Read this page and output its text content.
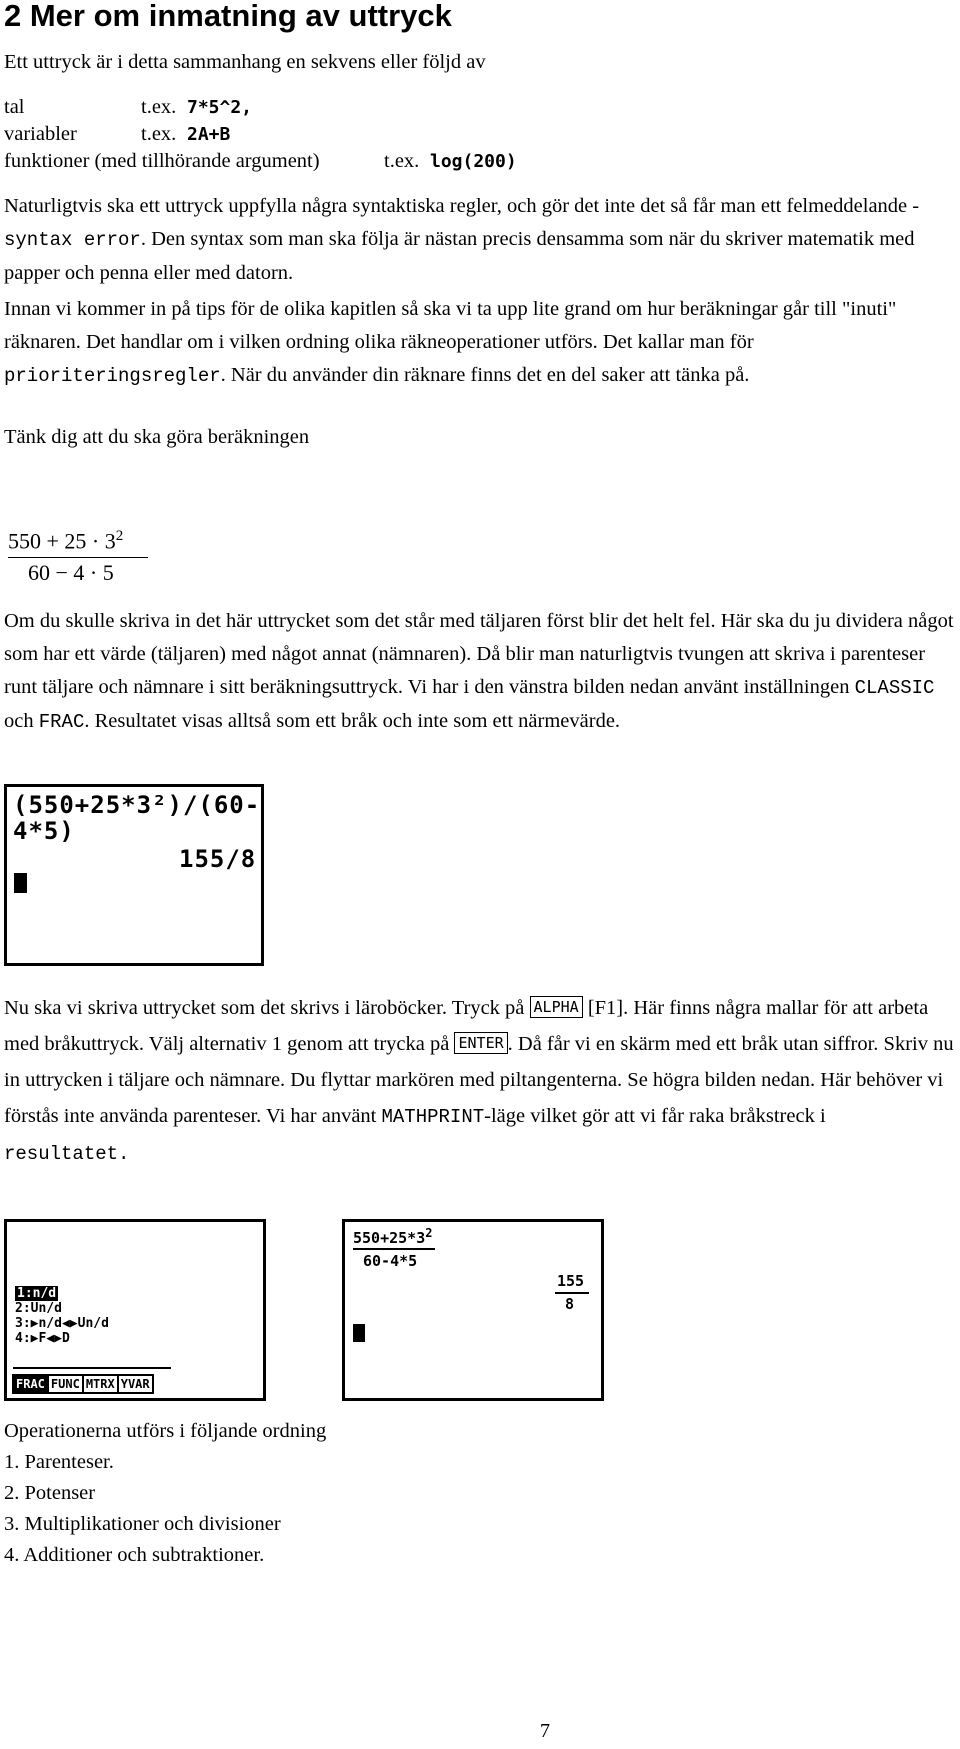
2 Mer om inmatning av uttryck
Ett uttryck är i detta sammanhang en sekvens eller följd av
tal	t.ex. 7*5^2,
variabler	t.ex. 2A+B
funktioner (med tillhörande argument)	t.ex. log(200)
Naturligtvis ska ett uttryck uppfylla några syntaktiska regler, och gör det inte det så får man ett felmeddelande - syntax error. Den syntax som man ska följa är nästan precis densamma som när du skriver matematik med papper och penna eller med datorn.
Innan vi kommer in på tips för de olika kapitlen så ska vi ta upp lite grand om hur beräkningar går till "inuti" räknaren. Det handlar om i vilken ordning olika räkneoperationer utförs. Det kallar man för prioriteringsregler. När du använder din räknare finns det en del saker att tänka på.
Tänk dig att du ska göra beräkningen
$550 + 25 \cdot 3^2$
60 − 4 · 5
Om du skulle skriva in det här uttrycket som det står med täljaren först blir det helt fel. Här ska du ju dividera något som har ett värde (täljaren) med något annat (nämnaren). Då blir man naturligtvis tvungen att skriva i parenteser runt täljare och nämnare i sitt beräkningsuttryck. Vi har i den vänstra bilden nedan använt inställningen CLASSIC och FRAC. Resultatet visas alltså som ett bråk och inte som ett närmevärde.
(550+25*3²)/(60-
4*5)
155/8
Nu ska vi skriva uttrycket som det skrivs i läroböcker. Tryck på ALPHA [F1]. Här finns några mallar för att arbeta med bråkuttryck. Välj alternativ 1 genom att trycka på ENTER . Då får vi en skärm med ett bråk utan siffror. Skriv nu in uttrycken i täljare och nämnare. Du flyttar markören med piltangenterna. Se högra bilden nedan. Här behöver vi förstås inte använda parenteser. Vi har använt MATHPRINT-läge vilket gör att vi får raka bråkstreck i resultatet.
1:n/d
2:Un/d
3:▶n/d◀▶Un/d
4:▶F◀▶D
FRAC FUNC MTRX YVAR
$550+25*3^2$
60-4*5
155
8
Operationerna utförs i följande ordning
1. Parenteser.
2. Potenser
3. Multiplikationer och divisioner
4. Additioner och subtraktioner.
7
